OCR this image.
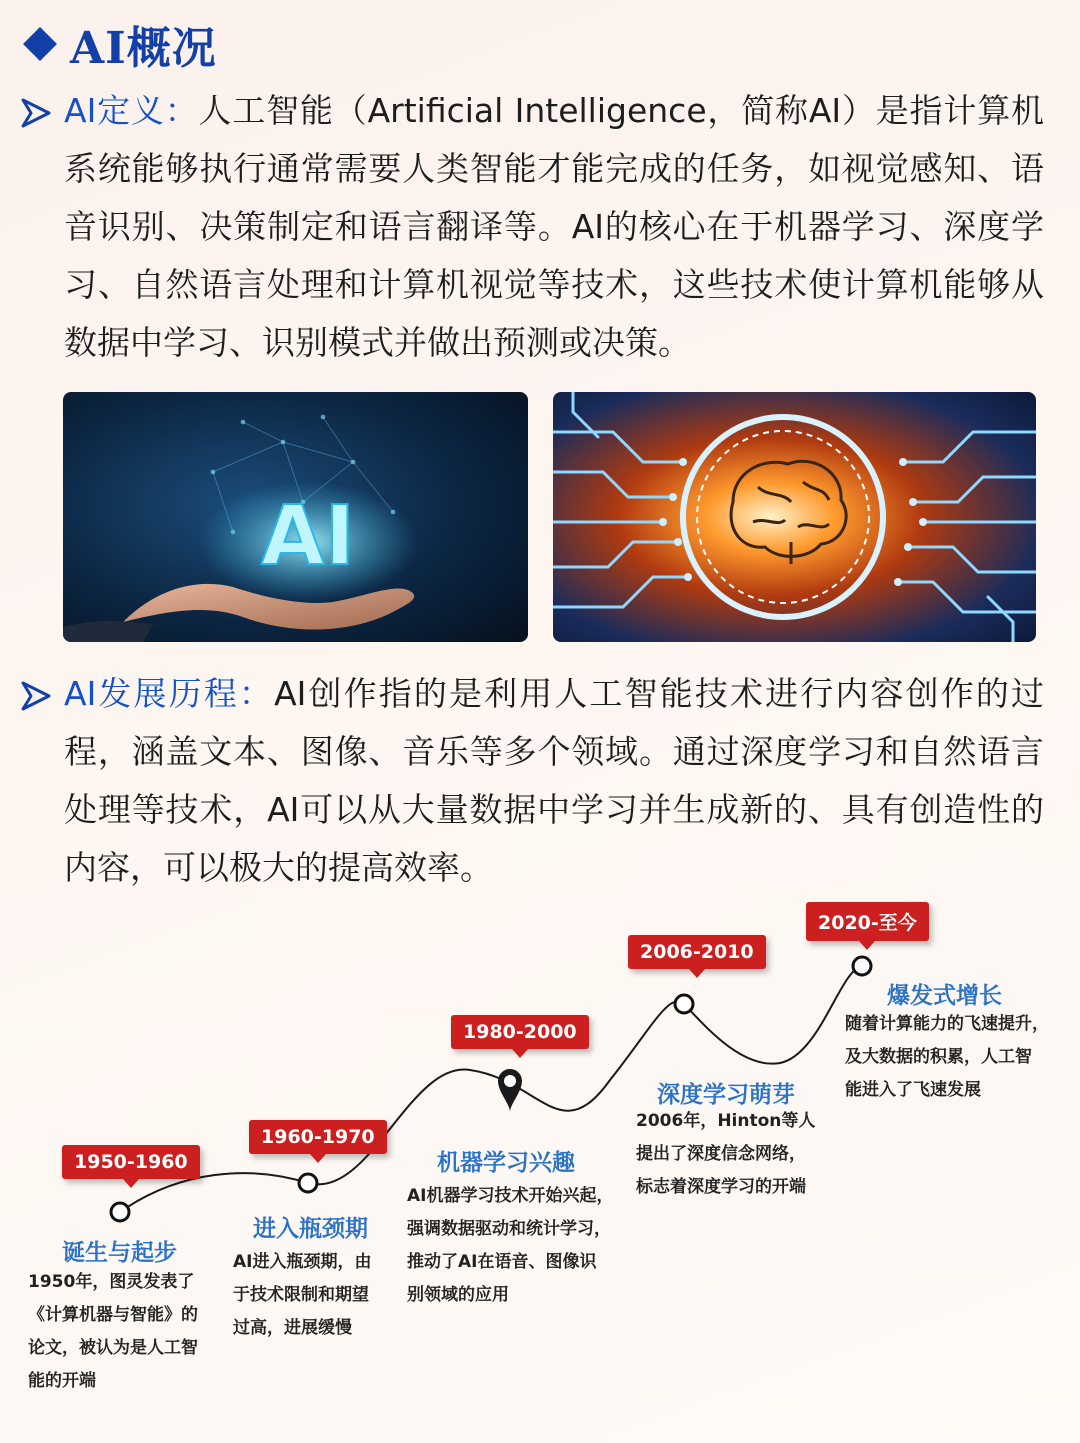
AI概况
AI定义：人工智能（Artificial Intelligence，简称AI）是指计算机系统能够执行通常需要人类智能才能完成的任务，如视觉感知、语音识别、决策制定和语言翻译等。AI的核心在于机器学习、深度学习、自然语言处理和计算机视觉等技术，这些技术使计算机能够从数据中学习、识别模式并做出预测或决策。
AI
AI发展历程：AI创作指的是利用人工智能技术进行内容创作的过程，涵盖文本、图像、音乐等多个领域。通过深度学习和自然语言处理等技术，AI可以从大量数据中学习并生成新的、具有创造性的内容，可以极大的提高效率。
1950-1960
1960-1970
1980-2000
2006-2010
2020-至今
诞生与起步
1950年，图灵发表了
《计算机器与智能》的
论文，被认为是人工智
能的开端
进入瓶颈期
AI进入瓶颈期，由
于技术限制和期望
过高，进展缓慢
机器学习兴趣
AI机器学习技术开始兴起，
强调数据驱动和统计学习，
推动了AI在语音、图像识
别领域的应用
深度学习萌芽
2006年，Hinton等人
提出了深度信念网络，
标志着深度学习的开端
爆发式增长
随着计算能力的飞速提升，
及大数据的积累，人工智
能进入了飞速发展
